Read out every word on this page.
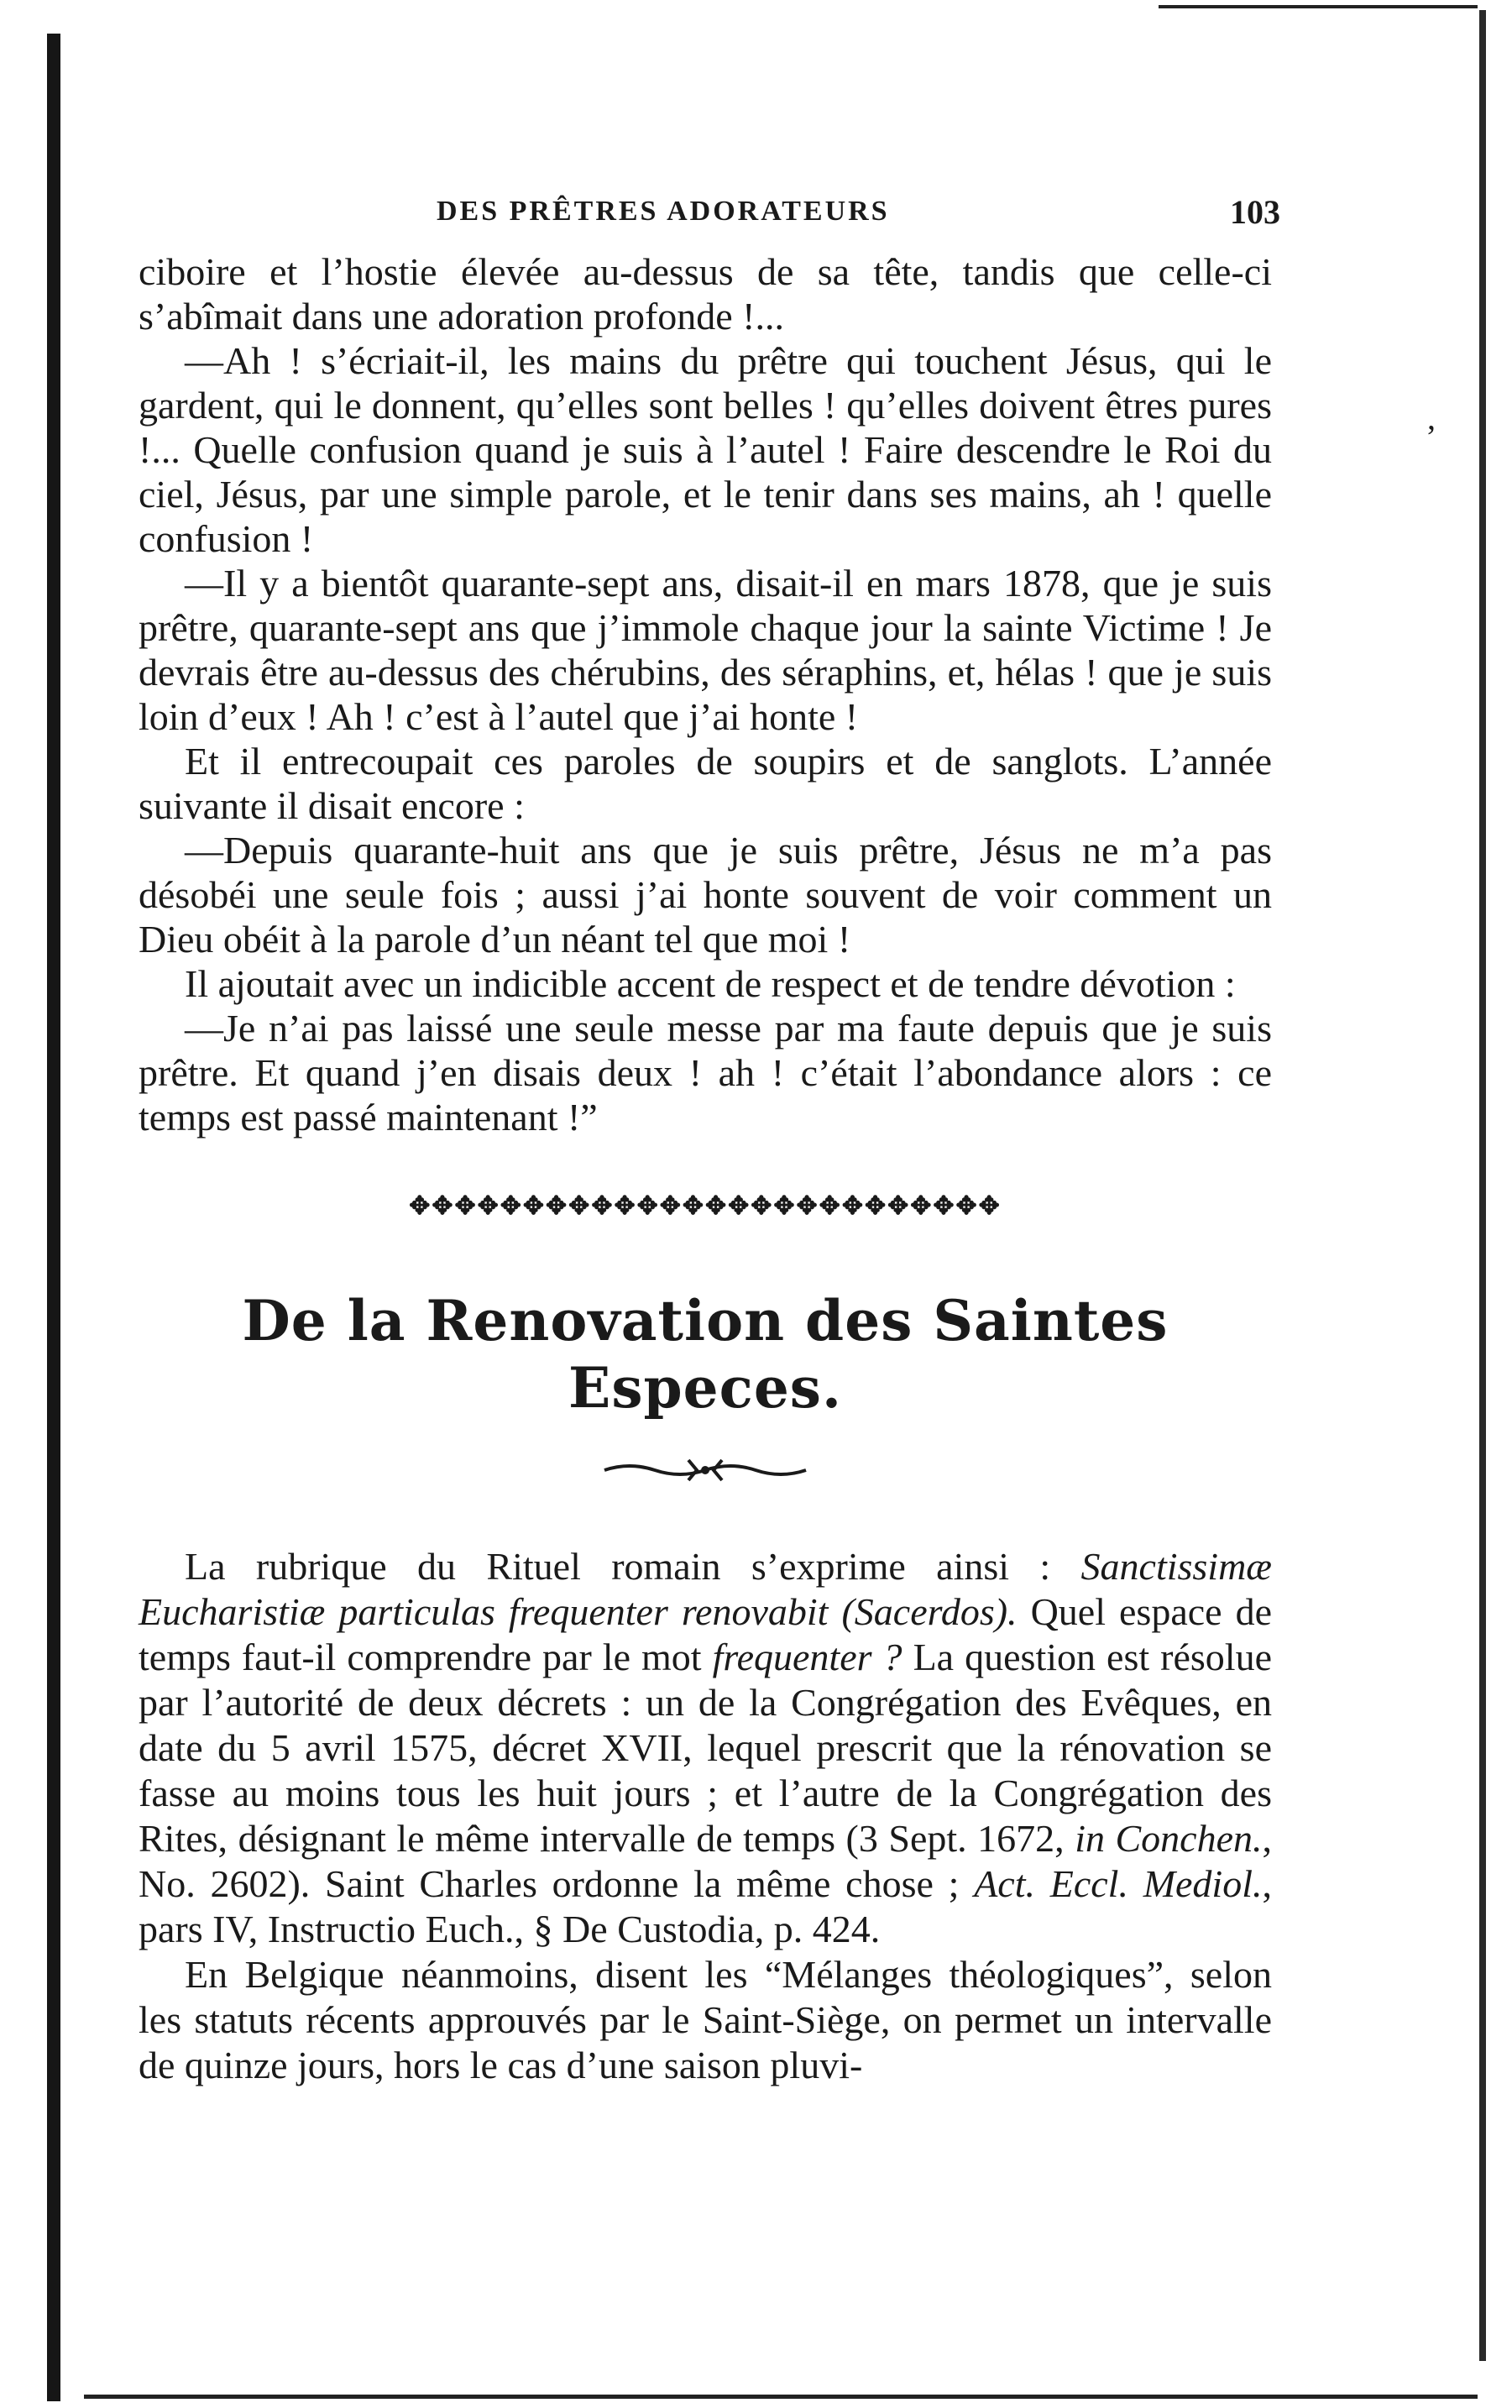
,
DES PRÊTRES ADORATEURS	103

ciboire et l’hostie élevée au-dessus de sa tête, tandis que celle-ci s’abîmait dans une adoration profonde !...

—Ah ! s’écriait-il, les mains du prêtre qui touchent Jésus, qui le gardent, qui le donnent, qu’elles sont belles ! qu’elles doivent êtres pures !... Quelle confusion quand je suis à l’autel ! Faire descendre le Roi du ciel, Jésus, par une simple parole, et le tenir dans ses mains, ah ! quelle confusion !

—Il y a bientôt quarante-sept ans, disait-il en mars 1878, que je suis prêtre, quarante-sept ans que j’immole chaque jour la sainte Victime ! Je devrais être au-dessus des chérubins, des séraphins, et, hélas ! que je suis loin d’eux ! Ah ! c’est à l’autel que j’ai honte !

Et il entrecoupait ces paroles de soupirs et de sanglots. L’année suivante il disait encore :

—Depuis quarante-huit ans que je suis prêtre, Jésus ne m’a pas désobéi une seule fois ; aussi j’ai honte souvent de voir comment un Dieu obéit à la parole d’un néant tel que moi !

Il ajoutait avec un indicible accent de respect et de tendre dévotion :

—Je n’ai pas laissé une seule messe par ma faute depuis que je suis prêtre. Et quand j’en disais deux ! ah ! c’était l’abondance alors : ce temps est passé maintenant !”

✥✥✥✥✥✥✥✥✥✥✥✥✥✥✥✥✥✥✥✥✥✥✥✥✥✥
De la Renovation des Saintes Especes.

La rubrique du Rituel romain s’exprime ainsi : Sanctissimæ Eucharistiæ particulas frequenter renovabit (Sacerdos). Quel espace de temps faut-il comprendre par le mot frequenter ? La question est résolue par l’autorité de deux décrets : un de la Congrégation des Evêques, en date du 5 avril 1575, décret XVII, lequel prescrit que la rénovation se fasse au moins tous les huit jours ; et l’autre de la Congrégation des Rites, désignant le même intervalle de temps (3 Sept. 1672, in Conchen., No. 2602). Saint Charles ordonne la même chose ; Act. Eccl. Mediol., pars IV, Instructio Euch., § De Custodia, p. 424.

En Belgique néanmoins, disent les “Mélanges théologiques”, selon les statuts récents approuvés par le Saint-Siège, on permet un intervalle de quinze jours, hors le cas d’une saison pluvi-
